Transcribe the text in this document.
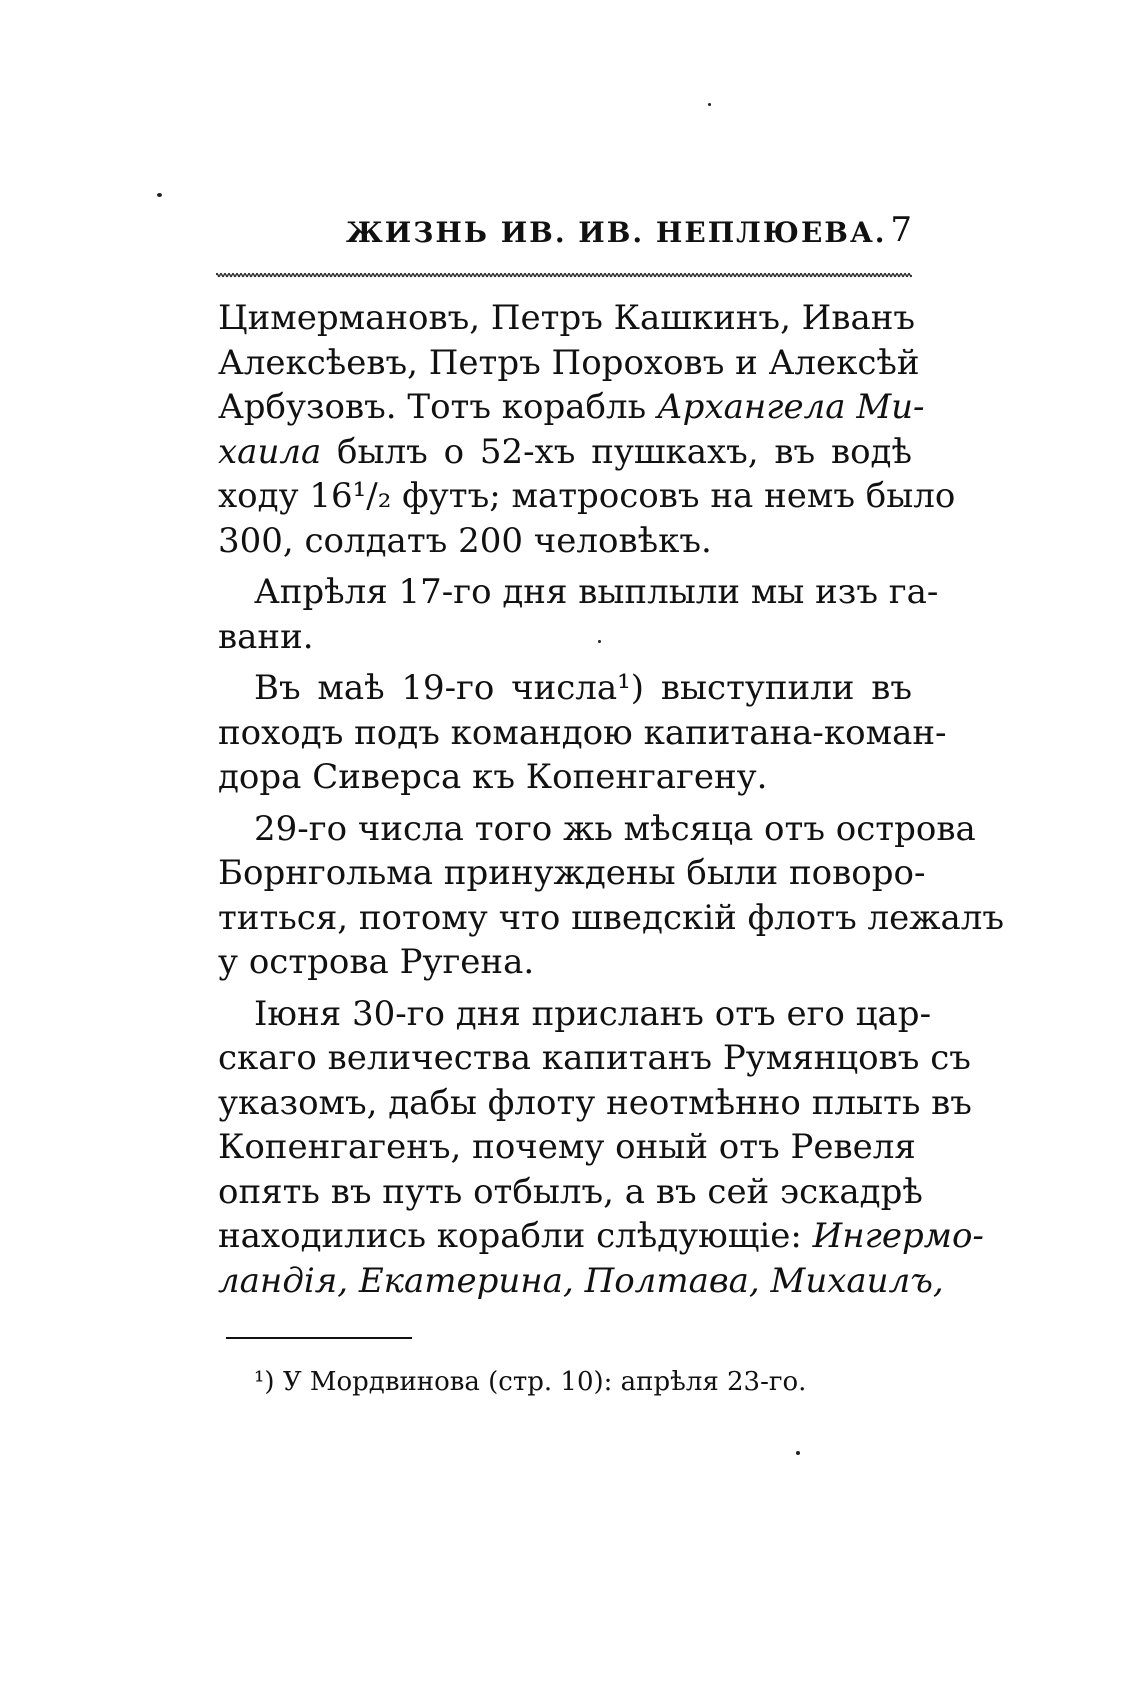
ЖИЗНЬ ИВ. ИВ. НЕПЛЮЕВА. 7
Цимермановъ, Петръ Кашкинъ, Иванъ
Алексѣевъ, Петръ Пороховъ и Алексѣй
Арбузовъ. Тотъ корабль Архангела Ми-
хаила былъ о 52-хъ пушкахъ, въ водѣ
ходу 16¹/₂ футъ; матросовъ на немъ было
300, солдатъ 200 человѣкъ.
Апрѣля 17-го дня выплыли мы изъ га-
вани.
Въ маѣ 19-го числа¹) выступили въ
походъ подъ командою капитана-коман-
дора Сиверса къ Копенгагену.
29-го числа того жь мѣсяца отъ острова
Борнгольма принуждены были поворо-
титься, потому что шведскій флотъ лежалъ
у острова Ругена.
Іюня 30-го дня присланъ отъ его цар-
скаго величества капитанъ Румянцовъ съ
указомъ, дабы флоту неотмѣнно плыть въ
Копенгагенъ, почему оный отъ Ревеля
опять въ путь отбылъ, а въ сей эскадрѣ
находились корабли слѣдующіе: Ингермо-
ландія, Екатерина, Полтава, Михаилъ,
¹) У Мордвинова (стр. 10): апрѣля 23-го.
